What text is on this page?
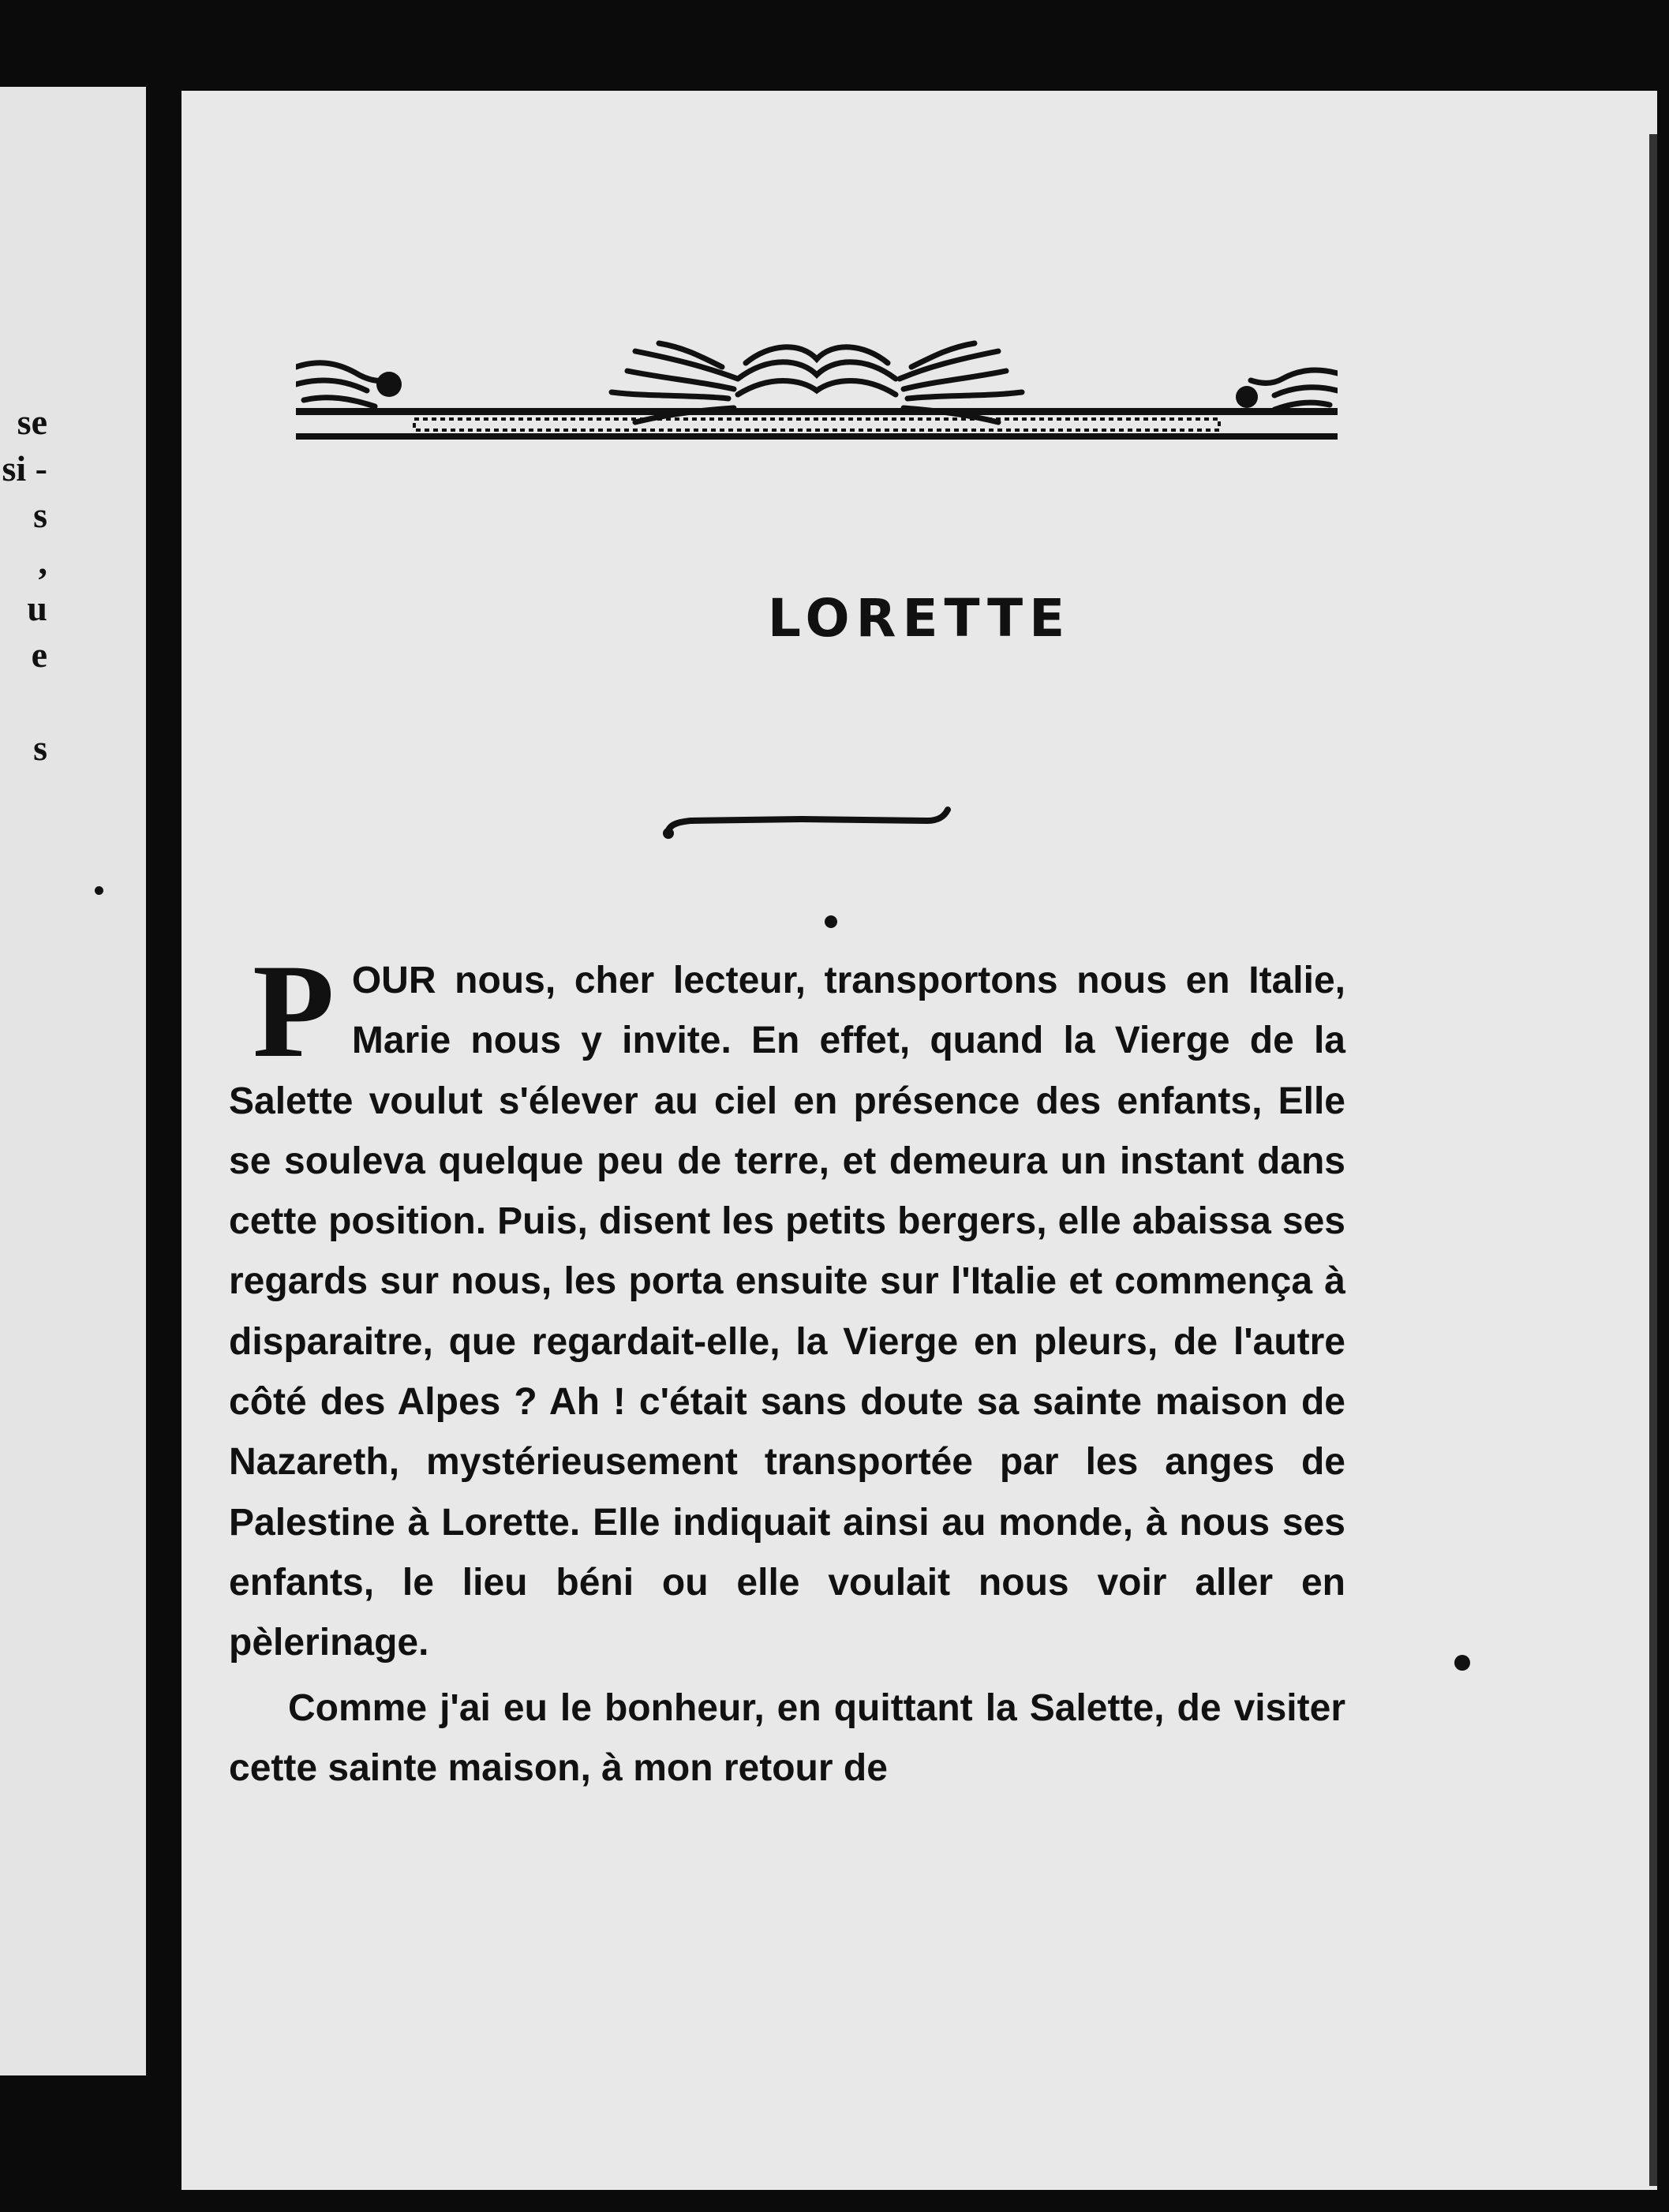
se
si -
s
,
u
e
s
LORETTE

POUR nous, cher lecteur, transportons nous en Italie, Marie nous y invite. En effet, quand la Vierge de la Salette voulut s'élever au ciel en présence des enfants, Elle se souleva quelque peu de terre, et demeura un instant dans cette position. Puis, disent les petits bergers, elle abaissa ses regards sur nous, les porta ensuite sur l'Italie et commença à disparaitre, que regardait-elle, la Vierge en pleurs, de l'autre côté des Alpes ? Ah ! c'était sans doute sa sainte maison de Nazareth, mystérieusement transportée par les anges de Palestine à Lorette. Elle indiquait ainsi au monde, à nous ses enfants, le lieu béni ou elle voulait nous voir aller en pèlerinage.

Comme j'ai eu le bonheur, en quittant la Salette, de visiter cette sainte maison, à mon retour de
